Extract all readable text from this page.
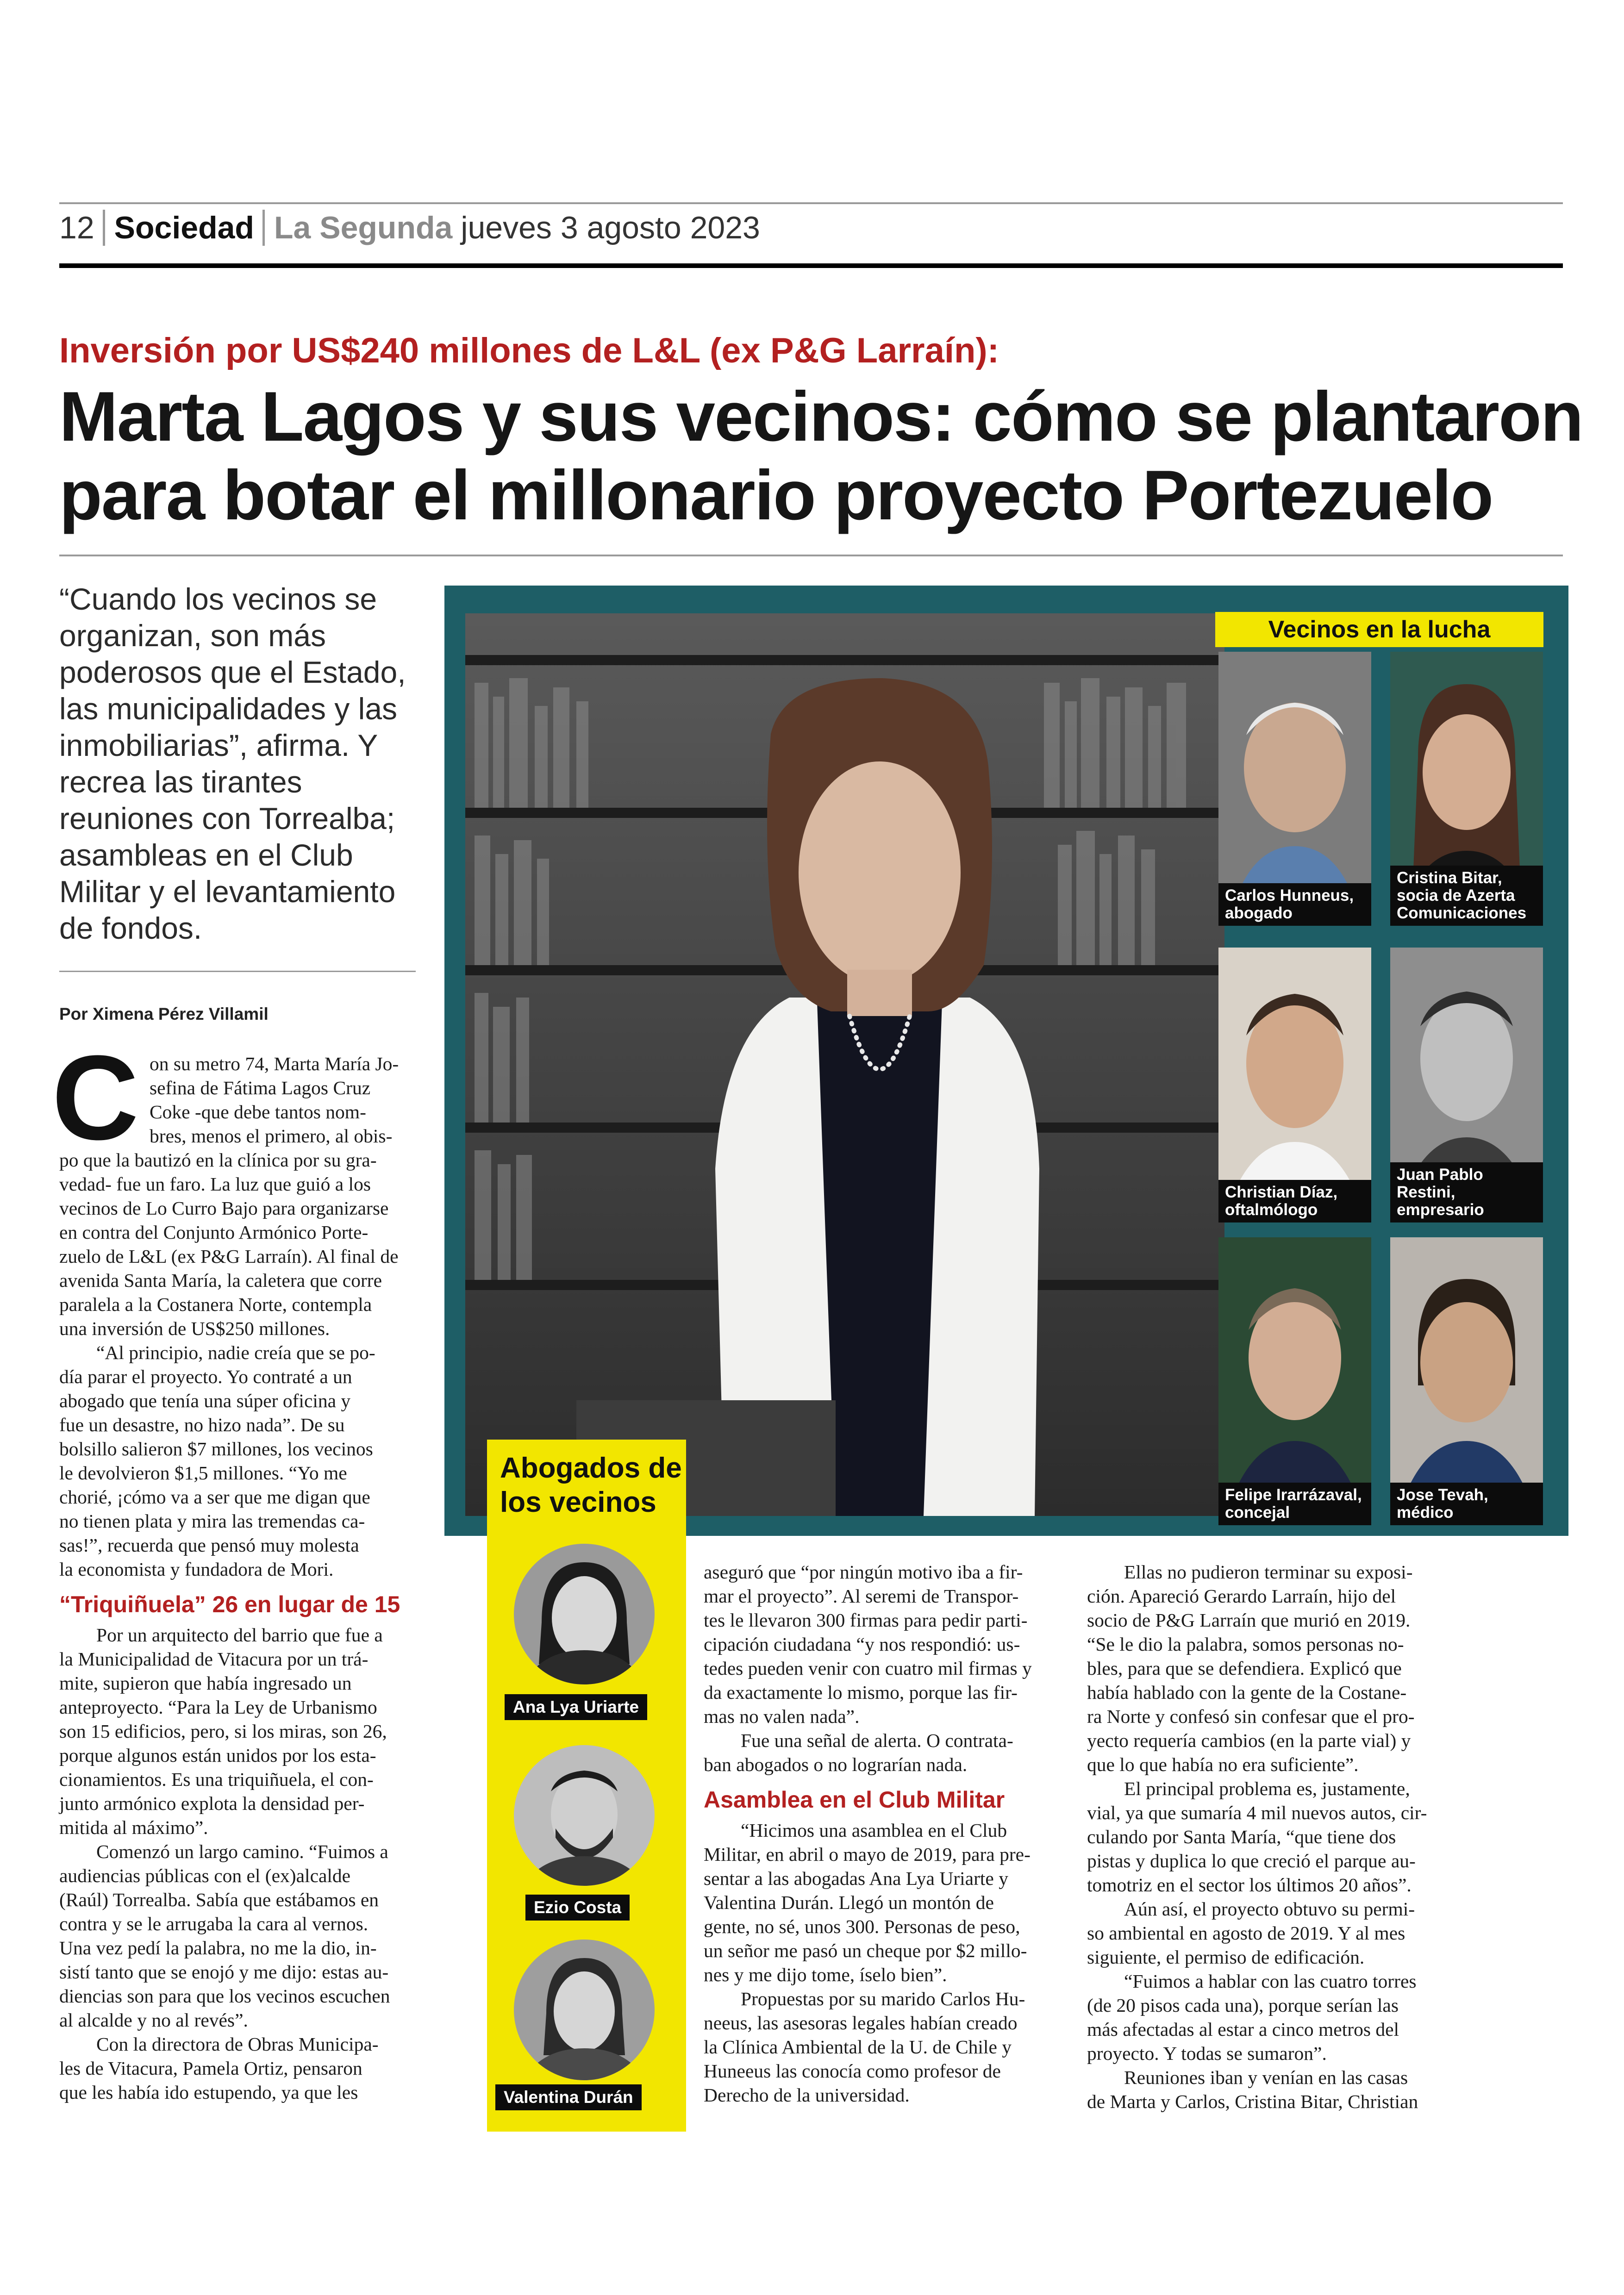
12 Sociedad La Segunda jueves 3 agosto 2023
Inversión por US$240 millones de L&L (ex P&G Larraín):
Marta Lagos y sus vecinos: cómo se plantaron
para botar el millonario proyecto Portezuelo
“Cuando los vecinos se
organizan, son más
poderosos que el Estado,
las municipalidades y las
inmobiliarias”, afirma. Y
recrea las tirantes
reuniones con Torrealba;
asambleas en el Club
Militar y el levantamiento
de fondos.
Por Ximena Pérez Villamil
C on su metro 74, Marta María Jo-
sefina de Fátima Lagos Cruz
Coke -que debe tantos nom-
bres, menos el primero, al obis-
po que la bautizó en la clínica por su gra-
vedad- fue un faro. La luz que guió a los
vecinos de Lo Curro Bajo para organizarse
en contra del Conjunto Armónico Porte-
zuelo de L&L (ex P&G Larraín). Al final de
avenida Santa María, la caletera que corre
paralela a la Costanera Norte, contempla
una inversión de US$250 millones.
“Al principio, nadie creía que se po-
día parar el proyecto. Yo contraté a un
abogado que tenía una súper oficina y
fue un desastre, no hizo nada”. De su
bolsillo salieron $7 millones, los vecinos
le devolvieron $1,5 millones. “Yo me
chorié, ¡cómo va a ser que me digan que
no tienen plata y mira las tremendas ca-
sas!”, recuerda que pensó muy molesta
la economista y fundadora de Mori.
“Triquiñuela” 26 en lugar de 15
Por un arquitecto del barrio que fue a
la Municipalidad de Vitacura por un trá-
mite, supieron que había ingresado un
anteproyecto. “Para la Ley de Urbanismo
son 15 edificios, pero, si los miras, son 26,
porque algunos están unidos por los esta-
cionamientos. Es una triquiñuela, el con-
junto armónico explota la densidad per-
mitida al máximo”.
Comenzó un largo camino. “Fuimos a
audiencias públicas con el (ex)alcalde
(Raúl) Torrealba. Sabía que estábamos en
contra y se le arrugaba la cara al vernos.
Una vez pedí la palabra, no me la dio, in-
sistí tanto que se enojó y me dijo: estas au-
diencias son para que los vecinos escuchen
al alcalde y no al revés”.
Con la directora de Obras Municipa-
les de Vitacura, Pamela Ortiz, pensaron
que les había ido estupendo, ya que les
Vecinos en la lucha
Carlos Hunneus,
abogado
Cristina Bitar,
socia de Azerta
Comunicaciones
Christian Díaz,
oftalmólogo
Juan Pablo
Restini,
empresario
Felipe Irarrázaval,
concejal
Jose Tevah,
médico
Abogados de
los vecinos
Ana Lya Uriarte
Ezio Costa
Valentina Durán
aseguró que “por ningún motivo iba a fir-
mar el proyecto”. Al seremi de Transpor-
tes le llevaron 300 firmas para pedir parti-
cipación ciudadana “y nos respondió: us-
tedes pueden venir con cuatro mil firmas y
da exactamente lo mismo, porque las fir-
mas no valen nada”.
Fue una señal de alerta. O contrata-
ban abogados o no lograrían nada.
Asamblea en el Club Militar
“Hicimos una asamblea en el Club
Militar, en abril o mayo de 2019, para pre-
sentar a las abogadas Ana Lya Uriarte y
Valentina Durán. Llegó un montón de
gente, no sé, unos 300. Personas de peso,
un señor me pasó un cheque por $2 millo-
nes y me dijo tome, íselo bien”.
Propuestas por su marido Carlos Hu-
neeus, las asesoras legales habían creado
la Clínica Ambiental de la U. de Chile y
Huneeus las conocía como profesor de
Derecho de la universidad.
Ellas no pudieron terminar su exposi-
ción. Apareció Gerardo Larraín, hijo del
socio de P&G Larraín que murió en 2019.
“Se le dio la palabra, somos personas no-
bles, para que se defendiera. Explicó que
había hablado con la gente de la Costane-
ra Norte y confesó sin confesar que el pro-
yecto requería cambios (en la parte vial) y
que lo que había no era suficiente”.
El principal problema es, justamente,
vial, ya que sumaría 4 mil nuevos autos, cir-
culando por Santa María, “que tiene dos
pistas y duplica lo que creció el parque au-
tomotriz en el sector los últimos 20 años”.
Aún así, el proyecto obtuvo su permi-
so ambiental en agosto de 2019. Y al mes
siguiente, el permiso de edificación.
“Fuimos a hablar con las cuatro torres
(de 20 pisos cada una), porque serían las
más afectadas al estar a cinco metros del
proyecto. Y todas se sumaron”.
Reuniones iban y venían en las casas
de Marta y Carlos, Cristina Bitar, Christian
